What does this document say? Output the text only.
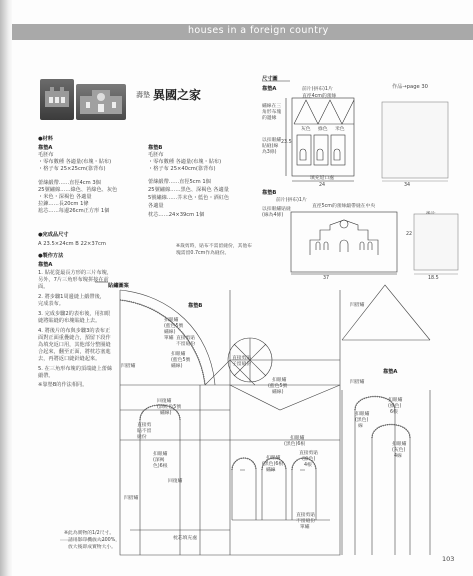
houses in a foreign country
壽墊 異國之家
●材料
靠墊A
毛胚布
・零布數種 各適量(布塊・貼布)
・格子布 25×25cm(靠背布)
蕾絲緞帶……直徑4cm 3個
25號繡線……綠色、苔綠色、灰色
・米色・深褐色 各適量
拉鍊……長20cm 1條
尬芯……每邊26cm正方形 1個
靠墊B
毛胚布
・零布數種 各適量(布塊・貼布)
・格子布 25×40cm(靠背布)
蕾絲緞帶……直徑5cm 1個
25號繡線……黑色、深褐色 各適量
5號繡線……芥末色・藍色・酒紅色
各適量
枕芯……24×39cm 1個
※裁剪時，貼布不需留縫份，其他布
塊需留0.7cm作為縫份。
●完成品尺寸
A 23.5×24cm B 22×37cm
●製作方法
靠墊A
1. 貼花從最長方形的三片布塊，
另外，7片三角形布塊拼接在前
面。
2. 將步驟1周邊縫上緞帶後，
完成表布。
3. 完成步驟2的表布後，用扣眼
縫將貼縫的布塊貼縫上去。
4. 將後片的布與步驟3的表布正
面對正面重疊縫合，預留下段作
為填充返口用，其他部分整圈縫
合起來，翻至正面，將枕芯塞進
去，再將返口縫針縫起來。
5. 在三角形布塊的頂端縫上蕾絲
緞帶。
※靠墊B的作法相同。
尺寸圖
靠墊A	作品→page 30
前片(拼布)1片
直徑4cm的蕾絲
繡線在三
角形布塊
的邊緣
以扣眼繡
貼縫(線
為3條)
灰色 綠色 米色
填充返口處
23.5
24	34
靠墊B
前片(拼布)1片
直徑5cm的蕾絲緞帶縫在中央
以扣眼繡貼縫
(線為4條)
22
37	18.5
貼繡圖案
靠墊B
靠墊A
扣眼繡
(藍色5號
繡線)
單繡
扣眼繡
(藍色5號
繡線)
直接剪貼
不留縫份
直接剪貼
子留縫份
扣眼繡
(藍色5號
繡線)
回復繡
(酒紅色5號
繡線)
直接剪
貼不留
縫份
扣眼繡
(深褐
色)6根
扣眼繡
(黑色)6根
回復繡
扣眼繡
(黑色)6根
繡線
直接剪貼
不留縫份
單繡
枕芯填充處
扣眼繡
(綠色)
6根
扣眼繡
(灰色)
4線
直接剪貼
(綠色)
4根
扣眼繡
(黑色)
線
凹摺繡
凹摺繡
凹摺繡
凹摺繡
※此為實物的1/2尺寸。
請用影印機放大200%，
放大後即成實物大小。
103
